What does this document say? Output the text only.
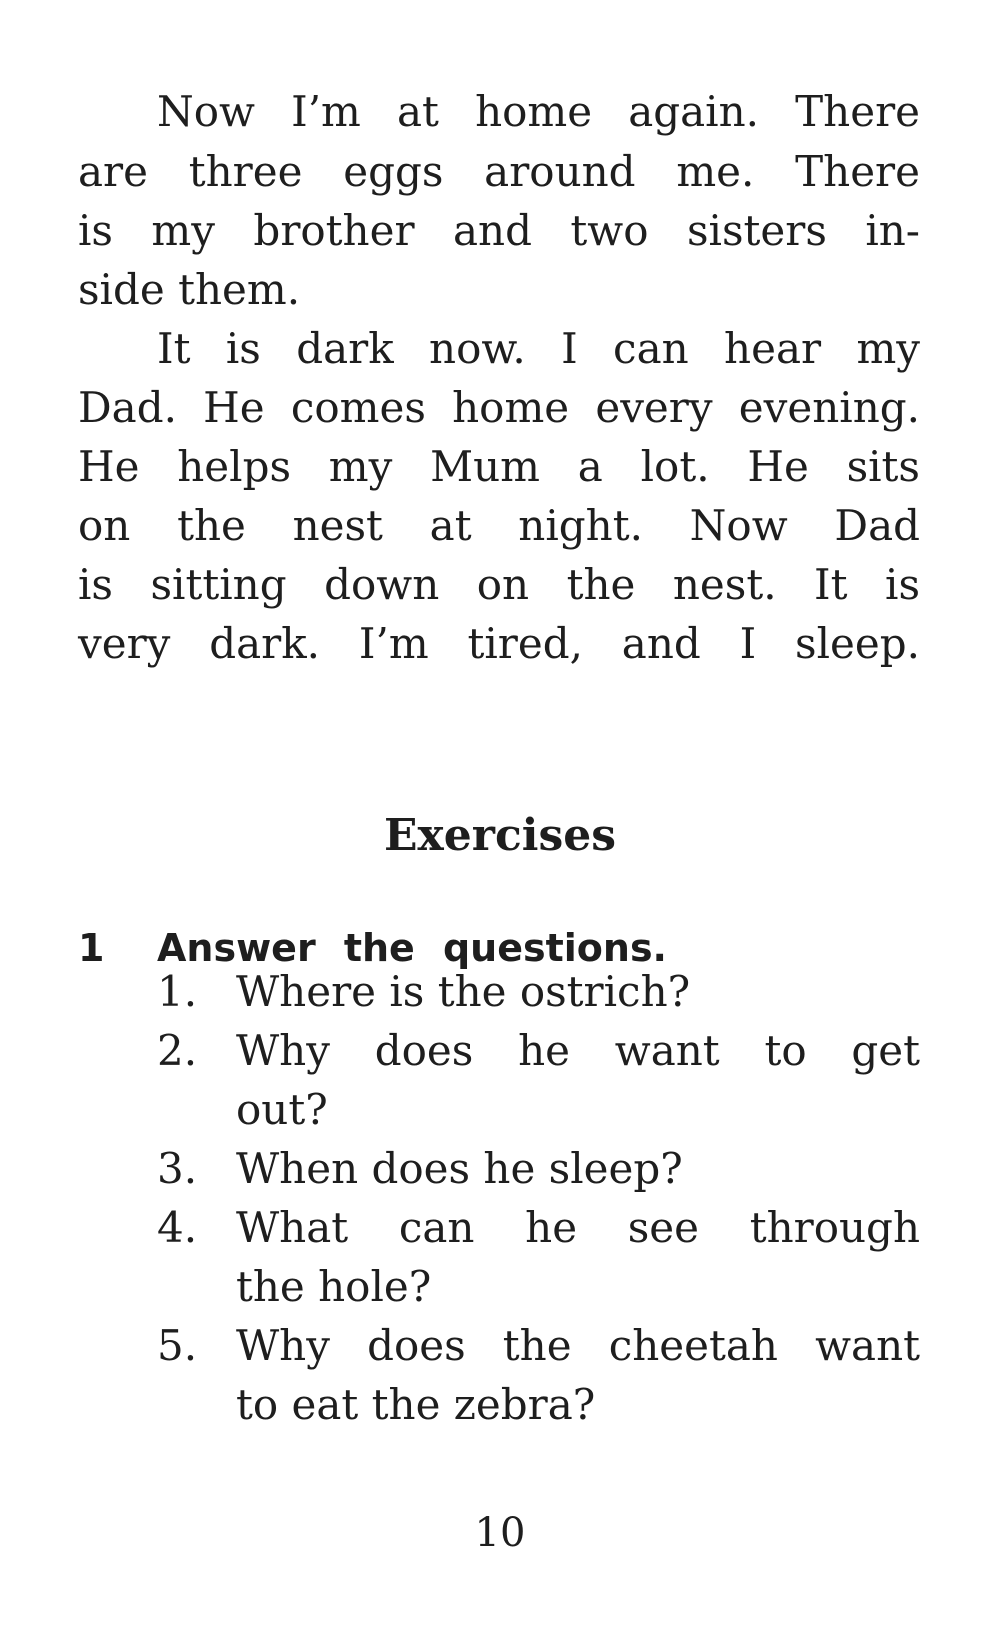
Now I’m at home again. There
are three eggs around me. There
is my brother and two sisters in-
side them.
It is dark now. I can hear my
Dad. He comes home every evening.
He helps my Mum a lot. He sits
on the nest at night. Now Dad
is sitting down on the nest. It is
very dark. I’m tired, and I sleep.
Exercises
1 Answer the questions.
1. Where is the ostrich?
2. Why does he want to get
out?
3. When does he sleep?
4. What can he see through
the hole?
5. Why does the cheetah want
to eat the zebra?
10
